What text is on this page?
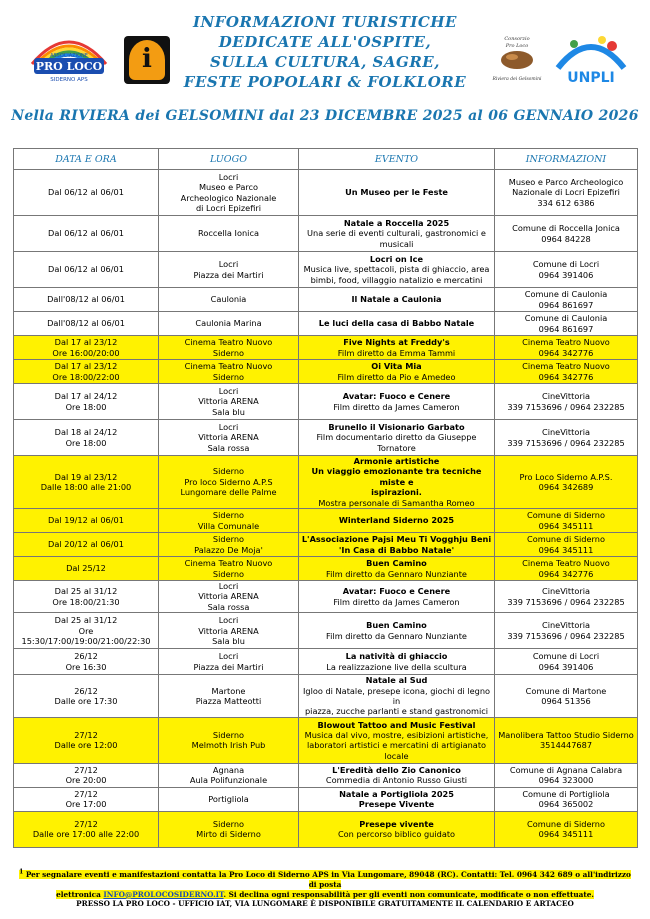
ASSOCIAZIONE
PRO LOCO
SIDERNO APS
i
INFORMAZIONI TURISTICHE
DEDICATE ALL'OSPITE,
SULLA CULTURA, SAGRE,
FESTE POPOLARI & FOLKLORE
Consorzio
Pro Loco
Riviera dei Gelsomini UNPLI
Nella RIVIERA dei GELSOMINI dal 23 DICEMBRE 2025 al 06 GENNAIO 2026
DATA E ORA	LUOGO	EVENTO	INFORMAZIONI
Dal 06/12 al 06/01	Locri
Museo e Parco
Archeologico Nazionale
di Locri Epizefiri	Un Museo per le Feste	Museo e Parco Archeologico
Nazionale di Locri Epizefiri
334 612 6386
Dal 06/12 al 06/01	Roccella Ionica	Natale a Roccella 2025
Una serie di eventi culturali, gastronomici e
musicali	Comune di Roccella Jonica
0964 84228
Dal 06/12 al 06/01	Locri
Piazza dei Martiri	Locri on Ice
Musica live, spettacoli, pista di ghiaccio, area
bimbi, food, villaggio natalizio e mercatini	Comune di Locri
0964 391406
Dall'08/12 al 06/01	Caulonia	Il Natale a Caulonia	Comune di Caulonia
0964 861697
Dall'08/12 al 06/01	Caulonia Marina	Le luci della casa di Babbo Natale	Comune di Caulonia
0964 861697
Dal 17 al 23/12
Ore 16:00/20:00	Cinema Teatro Nuovo
Siderno	Five Nights at Freddy's
Film diretto da Emma Tammi	Cinema Teatro Nuovo
0964 342776
Dal 17 al 23/12
Ore 18:00/22:00	Cinema Teatro Nuovo
Siderno	Oi Vita Mia
Film diretto da Pio e Amedeo	Cinema Teatro Nuovo
0964 342776
Dal 17 al 24/12
Ore 18:00	Locri
Vittoria ARENA
Sala blu	Avatar: Fuoco e Cenere
Film diretto da James Cameron	CineVittoria
339 7153696 / 0964 232285
Dal 18 al 24/12
Ore 18:00	Locri
Vittoria ARENA
Sala rossa	Brunello il Visionario Garbato
Film documentario diretto da Giuseppe
Tornatore	CineVittoria
339 7153696 / 0964 232285
Dal 19 al 23/12
Dalle 18:00 alle 21:00	Siderno
Pro loco Siderno A.P.S
Lungomare delle Palme	Armonie artistiche
Un viaggio emozionante tra tecniche miste e
ispirazioni.
Mostra personale di Samantha Romeo	Pro Loco Siderno A.P.S.
0964 342689
Dal 19/12 al 06/01	Siderno
Villa Comunale	Winterland Siderno 2025	Comune di Siderno
0964 345111
Dal 20/12 al 06/01	Siderno
Palazzo De Moja'	L'Associazione Pajsi Meu Ti Vogghju Beni
'In Casa di Babbo Natale'	Comune di Siderno
0964 345111
Dal 25/12	Cinema Teatro Nuovo
Siderno	Buen Camino
Film diretto da Gennaro Nunziante	Cinema Teatro Nuovo
0964 342776
Dal 25 al 31/12
Ore 18:00/21:30	Locri
Vittoria ARENA
Sala rossa	Avatar: Fuoco e Cenere
Film diretto da James Cameron	CineVittoria
339 7153696 / 0964 232285
Dal 25 al 31/12
Ore
15:30/17:00/19:00/21:00/22:30	Locri
Vittoria ARENA
Sala blu	Buen Camino
Film diretto da Gennaro Nunziante	CineVittoria
339 7153696 / 0964 232285
26/12
Ore 16:30	Locri
Piazza dei Martiri	La natività di ghiaccio
La realizzazione live della scultura	Comune di Locri
0964 391406
26/12
Dalle ore 17:30	Martone
Piazza Matteotti	Natale al Sud
Igloo di Natale, presepe icona, giochi di legno in
piazza, zucche parlanti e stand gastronomici	Comune di Martone
0964 51356
27/12
Dalle ore 12:00	Siderno
Melmoth Irish Pub	Blowout Tattoo and Music Festival
Musica dal vivo, mostre, esibizioni artistiche,
laboratori artistici e mercatini di artigianato
locale	Manolibera Tattoo Studio Siderno
3514447687
27/12
Ore 20:00	Agnana
Aula Polifunzionale	L'Eredità dello Zio Canonico
Commedia di Antonio Russo Giusti	Comune di Agnana Calabra
0964 323000
27/12
Ore 17:00	Portigliola	Natale a Portigliola 2025
Presepe Vivente	Comune di Portigliola
0964 365002
27/12
Dalle ore 17:00 alle 22:00	Siderno
Mirto di Siderno	Presepe vivente
Con percorso biblico guidato	Comune di Siderno
0964 345111
$^1$ Per segnalare eventi e manifestazioni contatta la Pro Loco di Siderno APS in Via Lungomare, 89048 (RC). Contatti: Tel. 0964 342 689 o all'indirizzo di posta
elettronica INFO@PROLOCOSIDERNO.IT. Si declina ogni responsabilità per gli eventi non comunicate, modificate o non effettuate.
PRESSO LA PRO LOCO - UFFICIO IAT, VIA LUNGOMARE È DISPONIBILE GRATUITAMENTE IL CALENDARIO E ARTACEO
